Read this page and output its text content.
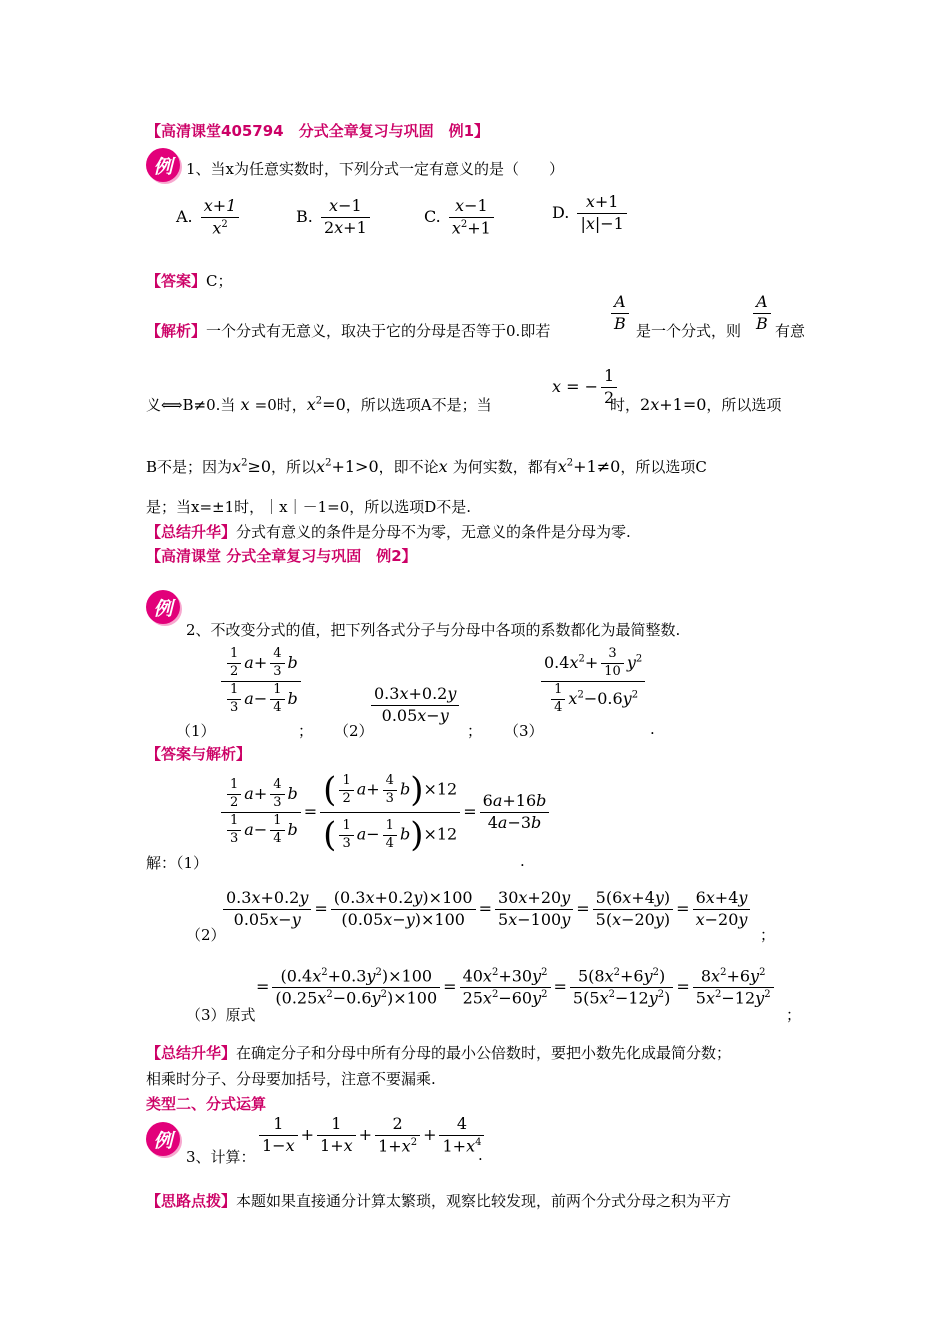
【高清课堂405794　分式全章复习与巩固　例1】
例 1、当x为任意实数时，下列分式一定有意义的是（　　）
A. $\frac{x+1}{x^2}$	B. $\frac{x-1}{2x+1}$	C. $\frac{x-1}{x^2+1}$	D. $\frac{x+1}{|x|-1}$
【答案】C；
【解析】一个分式有无意义，取决于它的分母是否等于0.即若	$\frac{A}{B}$ 是一个分式，则 $\frac{A}{B}$ 有意
义⟺B≠0.当 x =0时，$x^2=0$，所以选项A不是；当
x = − $\frac{1}{2}$
时，2x+1=0，所以选项
B不是；因为$x^2\ge 0$，所以$x^2+1>0$，即不论x 为何实数，都有$x^2+1\ne 0$，所以选项C
是；当x=±1时，｜x｜－1=0，所以选项D不是.
【总结升华】分式有意义的条件是分母不为零，无意义的条件是分母为零.
【高清课堂 分式全章复习与巩固　例2】
例
2、不改变分式的值，把下列各式分子与分母中各项的系数都化为最简整数.
（1）
$\frac{\frac{1}{2} a+ \frac{4}{3} b}{\frac{1}{3} a- \frac{1}{4} b}$
； （2）
$\frac{0.3x+0.2y}{0.05x-y}$
； （3）
$\frac{0.4x^2+ \frac{3}{10} y^2}{\frac{1}{4} x^2-0.6y^2}$
.
【答案与解析】
解：（1）
$\frac{\frac{1}{2} a+ \frac{4}{3} b}{\frac{1}{3} a- \frac{1}{4} b} = \frac{( \frac{1}{2} a+ \frac{4}{3} b)\times 12}{( \frac{1}{3} a- \frac{1}{4} b)\times 12} = \frac{6a+16b}{4a-3b}$
.
（2）
$\frac{0.3x+0.2y}{0.05x-y} = \frac{(0.3x+0.2y)\times 100}{(0.05x-y)\times 100} = \frac{30x+20y}{5x-100y} = \frac{5(6x+4y)}{5(x-20y)} = \frac{6x+4y}{x-20y}$
；
（3）原式
= $\frac{(0.4x^2+0.3y^2)\times 100}{(0.25x^2-0.6y^2)\times 100} = \frac{40x^2+30y^2}{25x^2-60y^2} = \frac{5(8x^2+6y^2)}{5(5x^2-12y^2)} = \frac{8x^2+6y^2}{5x^2-12y^2}$
；
【总结升华】在确定分子和分母中所有分母的最小公倍数时，要把小数先化成最简分数；
相乘时分子、分母要加括号，注意不要漏乘.
类型二、分式运算
例
3、计算：
$\frac{1}{1-x} + \frac{1}{1+x} + \frac{2}{1+x^2} + \frac{4}{1+x^4}$
.
【思路点拨】本题如果直接通分计算太繁琐，观察比较发现，前两个分式分母之积为平方
